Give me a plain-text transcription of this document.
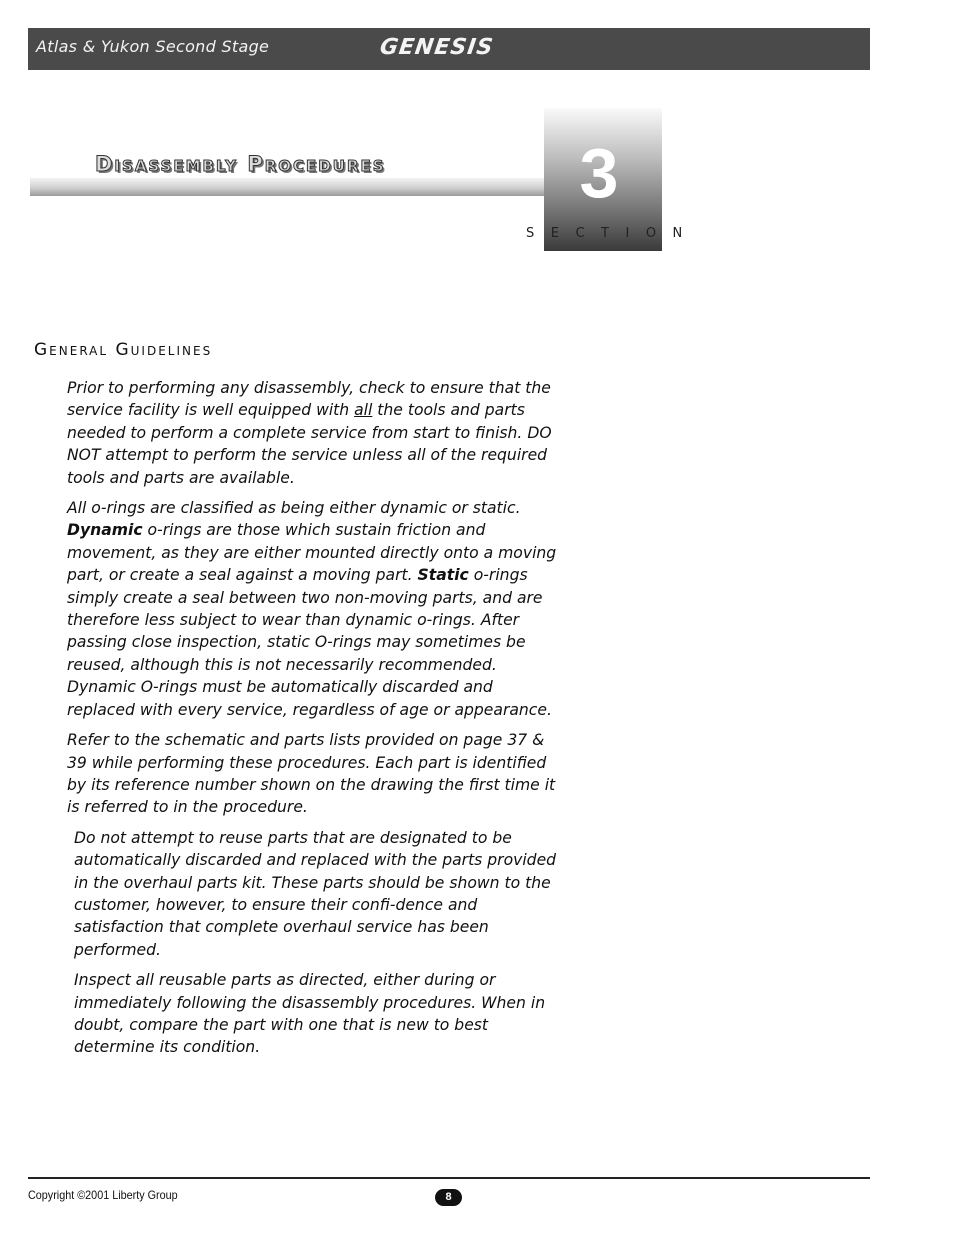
Atlas & Yukon Second Stage	GENESIS
Disassembly Procedures	3
SECTION
General Guidelines

Prior to performing any disassembly, check to ensure that the service facility is well equipped with all the tools and parts needed to perform a complete service from start to finish. DO NOT attempt to perform the service unless all of the required tools and parts are available.

All o-rings are classified as being either dynamic or static. Dynamic o-rings are those which sustain friction and movement, as they are either mounted directly onto a moving part, or create a seal against a moving part. Static o-rings simply create a seal between two non-moving parts, and are therefore less subject to wear than dynamic o-rings. After passing close inspection, static O-rings may sometimes be reused, although this is not necessarily recommended. Dynamic O-rings must be automatically discarded and replaced with every service, regardless of age or appearance.

Refer to the schematic and parts lists provided on page 37 & 39 while performing these procedures. Each part is identified by its reference number shown on the drawing the first time it is referred to in the procedure.

Do not attempt to reuse parts that are designated to be automatically discarded and replaced with the parts provided in the overhaul parts kit. These parts should be shown to the customer, however, to ensure their confi-dence and satisfaction that complete overhaul service has been performed.

Inspect all reusable parts as directed, either during or immediately following the disassembly procedures. When in doubt, compare the part with one that is new to best determine its condition.

Copyright ©2001 Liberty Group	8
